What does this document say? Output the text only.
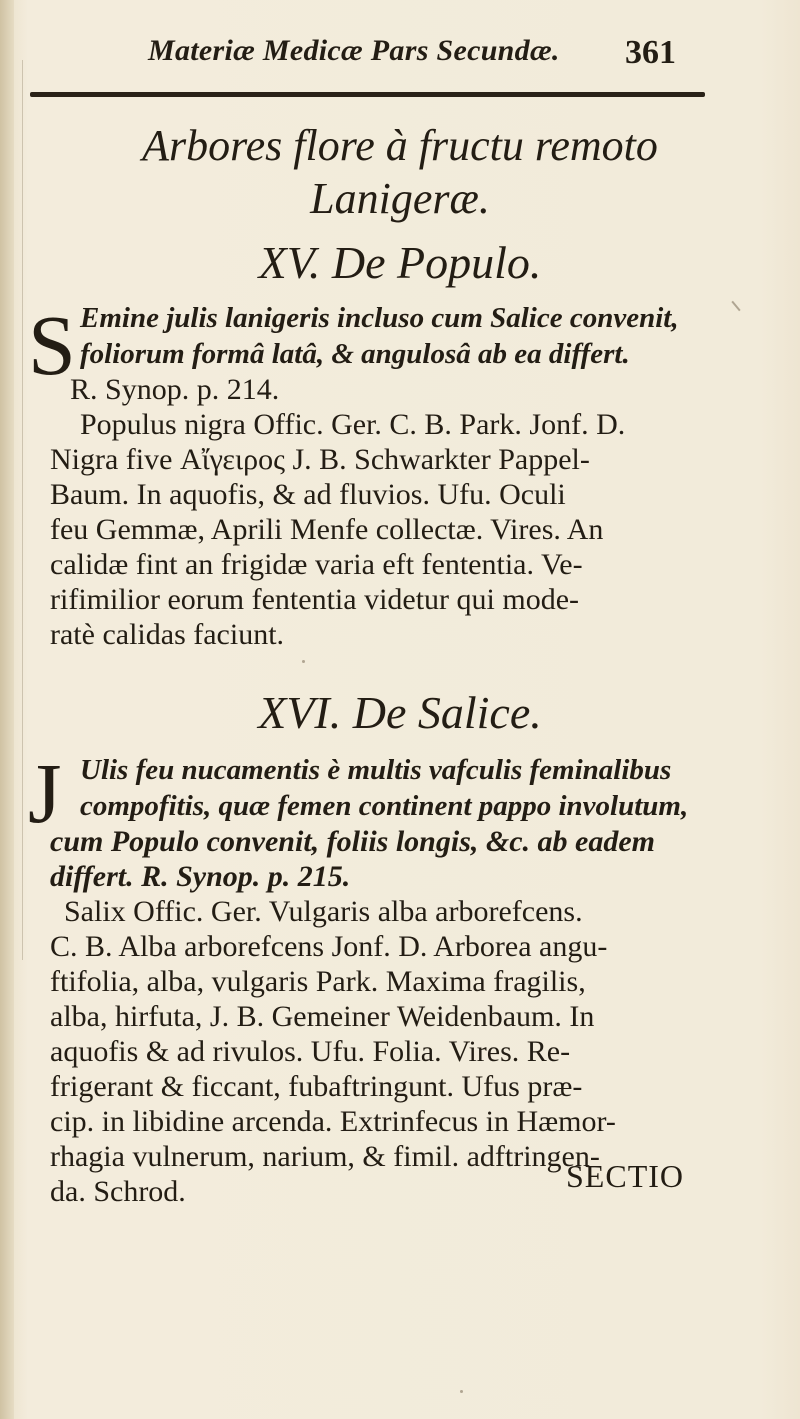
Materiæ Medicæ Pars Secundæ. 361
Arbores flore à fructu remoto
Lanigeræ.
XV. De Populo.
S Emine julis lanigeris inclusо cum Salice convenit,
foliorum formâ latâ, & angulosâ ab ea differt.
R. Synop. p. 214.
Populus nigra Offic. Ger. C. B. Park. Jonf. D.
Nigra five Αἴγειρος J. B. Schwarkter Pappel-
Baum. In aquofis, & ad fluvios. Ufu. Oculi
feu Gemmæ, Aprili Menfe collectæ. Vires. An
calidæ fint an frigidæ varia eft fententia. Ve-
rifimilior eorum fententia videtur qui mode-
ratè calidas faciunt.
XVI. De Salice.
J Ulis feu nucamentis è multis vafculis feminalibus
compofitis, quæ femen continent pappo involutum,
cum Populo convenit, foliis longis, &c. ab eadem
differt. R. Synop. p. 215.
Salix Offic. Ger. Vulgaris alba arborefcens.
C. B. Alba arborefcens Jonf. D. Arborea angu-
ftifolia, alba, vulgaris Park. Maxima fragilis,
alba, hirfuta, J. B. Gemeiner Weidenbaum. In
aquofis & ad rivulos. Ufu. Folia. Vires. Re-
frigerant & ficcant, fubaftringunt. Ufus præ-
cip. in libidine arcenda. Extrinfecus in Hæmor-
rhagia vulnerum, narium, & fimil. adftringen-
da. Schrod.	SECTIO
